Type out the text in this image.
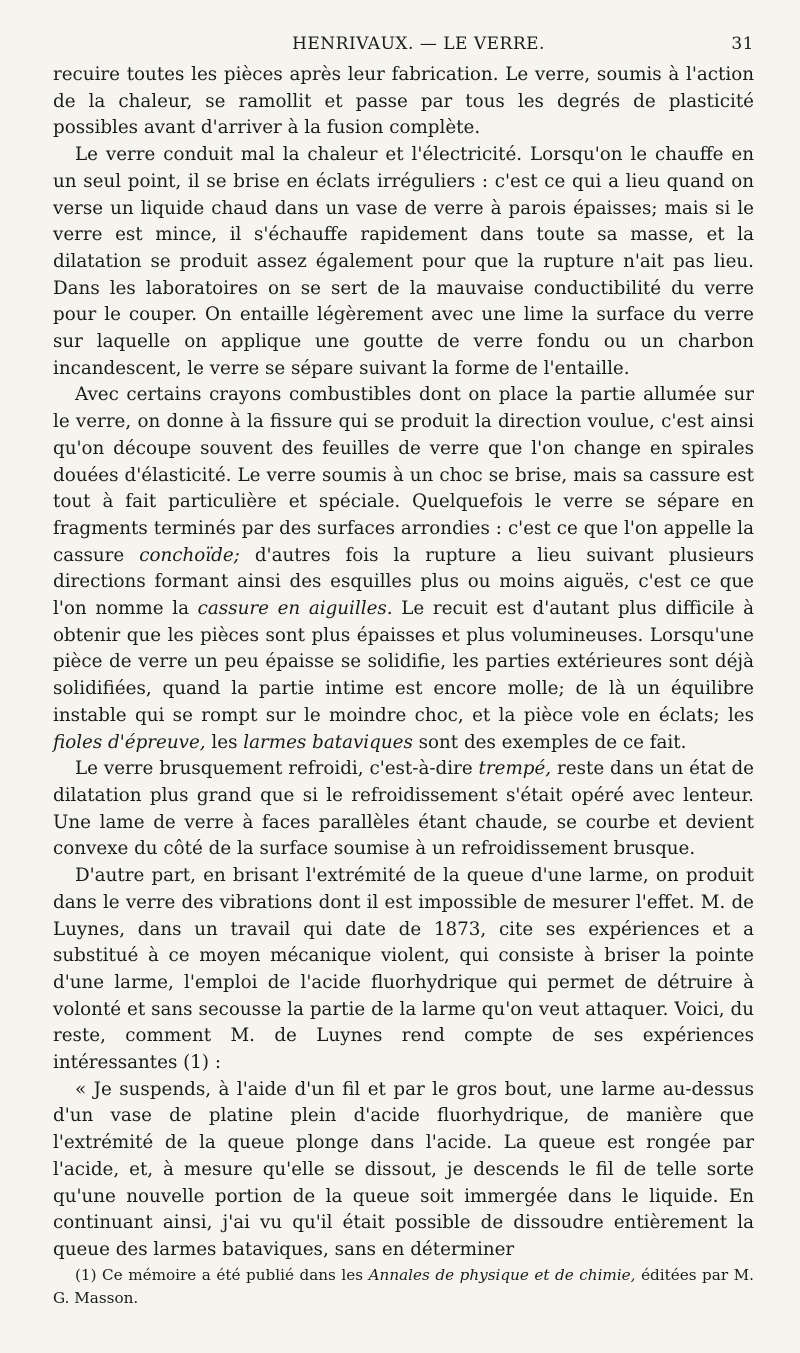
HENRIVAUX. — LE VERRE.	31

recuire toutes les pièces après leur fabrication. Le verre, soumis à l'action de la chaleur, se ramollit et passe par tous les degrés de plasticité possibles avant d'arriver à la fusion complète.

Le verre conduit mal la chaleur et l'électricité. Lorsqu'on le chauffe en un seul point, il se brise en éclats irréguliers : c'est ce qui a lieu quand on verse un liquide chaud dans un vase de verre à parois épaisses; mais si le verre est mince, il s'échauffe rapidement dans toute sa masse, et la dilatation se produit assez également pour que la rupture n'ait pas lieu. Dans les laboratoires on se sert de la mauvaise conductibilité du verre pour le couper. On entaille légèrement avec une lime la surface du verre sur laquelle on applique une goutte de verre fondu ou un charbon incandescent, le verre se sépare suivant la forme de l'entaille.

Avec certains crayons combustibles dont on place la partie allumée sur le verre, on donne à la fissure qui se produit la direction voulue, c'est ainsi qu'on découpe souvent des feuilles de verre que l'on change en spirales douées d'élasticité. Le verre soumis à un choc se brise, mais sa cassure est tout à fait particulière et spéciale. Quelquefois le verre se sépare en fragments terminés par des surfaces arrondies : c'est ce que l'on appelle la cassure conchoïde; d'autres fois la rupture a lieu suivant plusieurs directions formant ainsi des esquilles plus ou moins aiguës, c'est ce que l'on nomme la cassure en aiguilles. Le recuit est d'autant plus difficile à obtenir que les pièces sont plus épaisses et plus volumineuses. Lorsqu'une pièce de verre un peu épaisse se solidifie, les parties extérieures sont déjà solidifiées, quand la partie intime est encore molle; de là un équilibre instable qui se rompt sur le moindre choc, et la pièce vole en éclats; les fioles d'épreuve, les larmes bataviques sont des exemples de ce fait.

Le verre brusquement refroidi, c'est-à-dire trempé, reste dans un état de dilatation plus grand que si le refroidissement s'était opéré avec lenteur. Une lame de verre à faces parallèles étant chaude, se courbe et devient convexe du côté de la surface soumise à un refroidissement brusque.

D'autre part, en brisant l'extrémité de la queue d'une larme, on produit dans le verre des vibrations dont il est impossible de mesurer l'effet. M. de Luynes, dans un travail qui date de 1873, cite ses expériences et a substitué à ce moyen mécanique violent, qui consiste à briser la pointe d'une larme, l'emploi de l'acide fluorhydrique qui permet de détruire à volonté et sans secousse la partie de la larme qu'on veut attaquer. Voici, du reste, comment M. de Luynes rend compte de ses expériences intéressantes (1) :

« Je suspends, à l'aide d'un fil et par le gros bout, une larme au-dessus d'un vase de platine plein d'acide fluorhydrique, de manière que l'extrémité de la queue plonge dans l'acide. La queue est rongée par l'acide, et, à mesure qu'elle se dissout, je descends le fil de telle sorte qu'une nouvelle portion de la queue soit immergée dans le liquide. En continuant ainsi, j'ai vu qu'il était possible de dissoudre entièrement la queue des larmes bataviques, sans en déterminer

(1) Ce mémoire a été publié dans les Annales de physique et de chimie, éditées par M. G. Masson.
